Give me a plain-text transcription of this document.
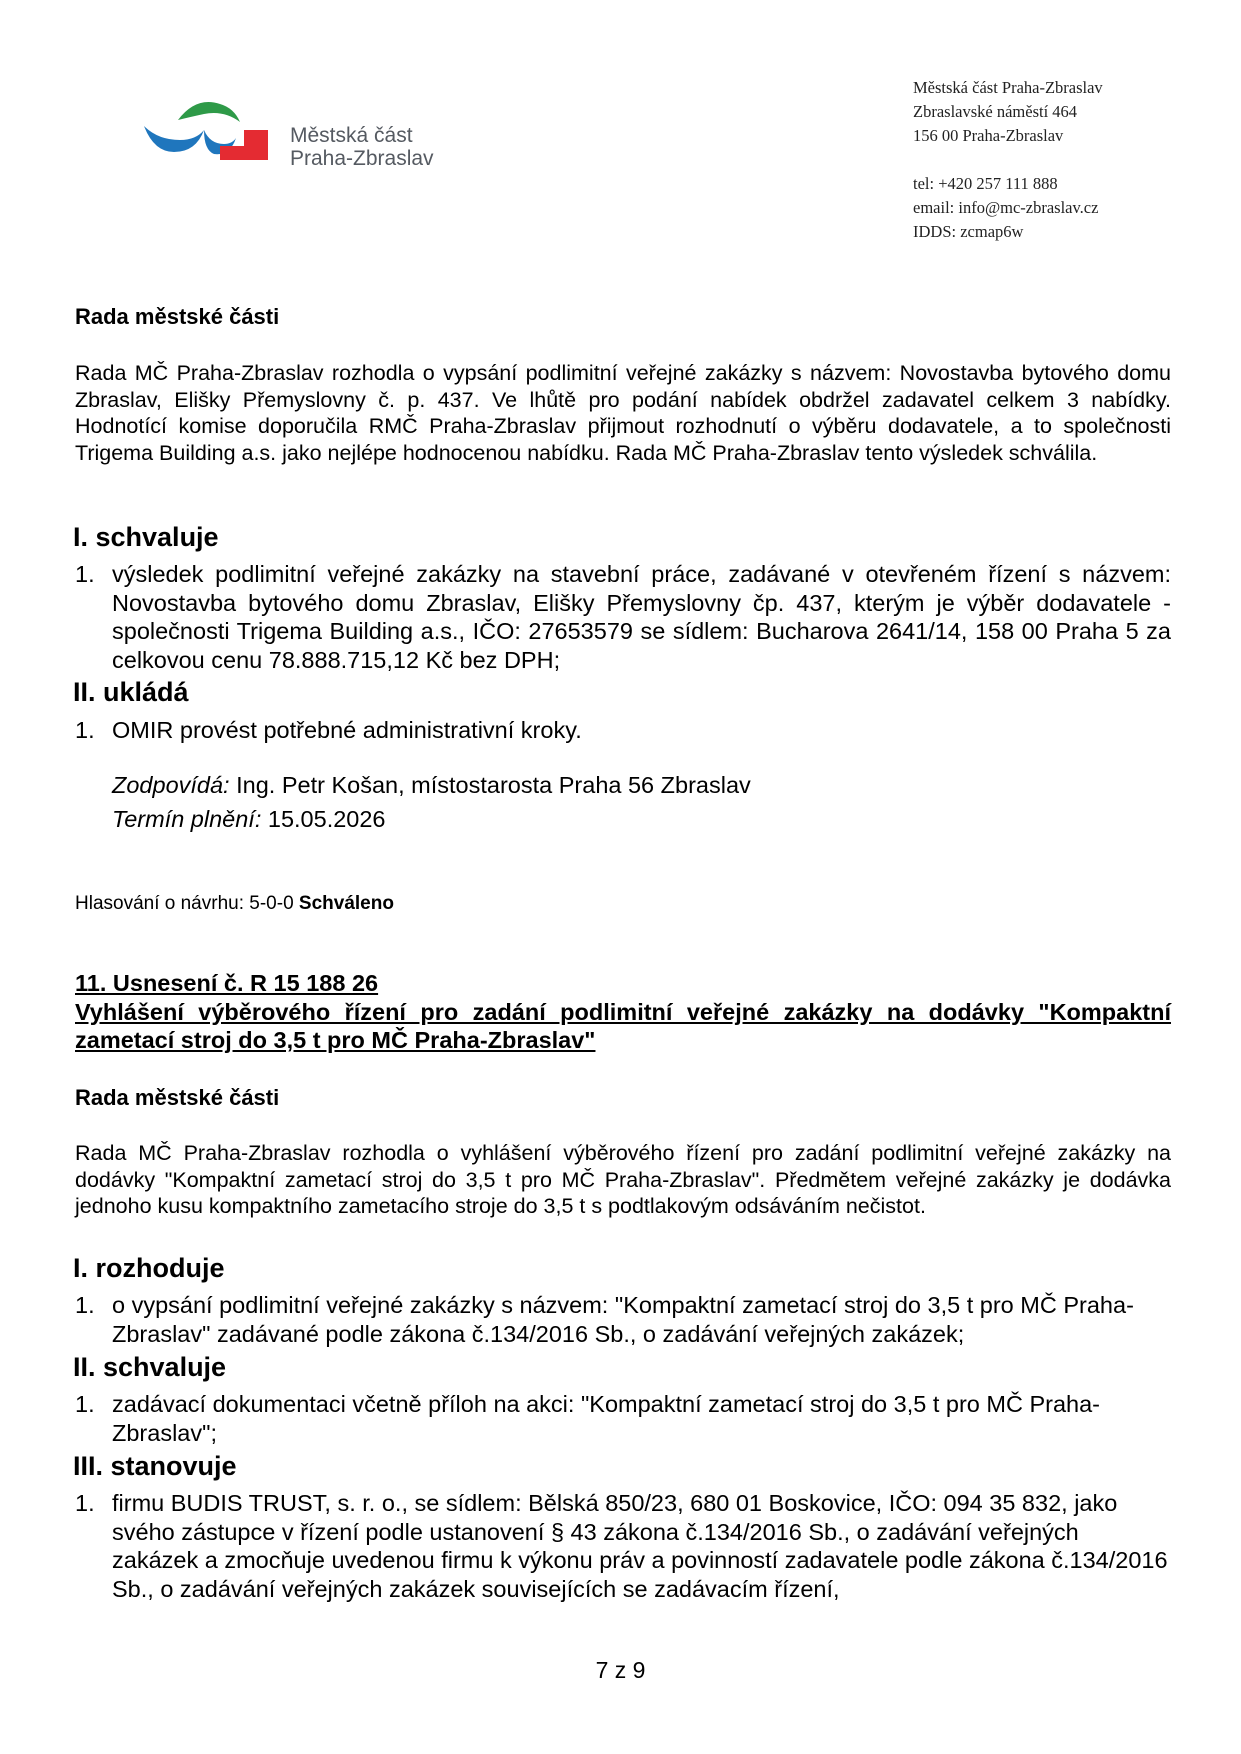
Městská část
Praha-Zbraslav
Městská část Praha-Zbraslav
Zbraslavské náměstí 464
156 00 Praha-Zbraslav
tel: +420 257 111 888
email: info@mc-zbraslav.cz
IDDS: zcmap6w
Rada městské části

Rada MČ Praha-Zbraslav rozhodla o vypsání podlimitní veřejné zakázky s názvem: Novostavba bytového domu Zbraslav, Elišky Přemyslovny č. p. 437. Ve lhůtě pro podání nabídek obdržel zadavatel celkem 3 nabídky. Hodnotící komise doporučila RMČ Praha-Zbraslav přijmout rozhodnutí o výběru dodavatele, a to společnosti Trigema Building a.s. jako nejlépe hodnocenou nabídku. Rada MČ Praha-Zbraslav tento výsledek schválila.

I. schvaluje
1. výsledek podlimitní veřejné zakázky na stavební práce, zadávané v otevřeném řízení s názvem: Novostavba bytového domu Zbraslav, Elišky Přemyslovny čp. 437, kterým je výběr dodavatele - společnosti Trigema Building a.s., IČO: 27653579 se sídlem: Bucharova 2641/14, 158 00 Praha 5 za celkovou cenu 78.888.715,12 Kč bez DPH;
II. ukládá
1. OMIR provést potřebné administrativní kroky.
Zodpovídá: Ing. Petr Košan, místostarosta Praha 56 Zbraslav
Termín plnění: 15.05.2026
Hlasování o návrhu: 5-0-0 Schváleno
11. Usnesení č. R 15 188 26
Vyhlášení výběrového řízení pro zadání podlimitní veřejné zakázky na dodávky "Kompaktní zametací stroj do 3,5 t pro MČ Praha-Zbraslav"
Rada městské části

Rada MČ Praha-Zbraslav rozhodla o vyhlášení výběrového řízení pro zadání podlimitní veřejné zakázky na dodávky "Kompaktní zametací stroj do 3,5 t pro MČ Praha-Zbraslav". Předmětem veřejné zakázky je dodávka jednoho kusu kompaktního zametacího stroje do 3,5 t s podtlakovým odsáváním nečistot.

I. rozhoduje
1. o vypsání podlimitní veřejné zakázky s názvem: "Kompaktní zametací stroj do 3,5 t pro MČ Praha-Zbraslav" zadávané podle zákona č.134/2016 Sb., o zadávání veřejných zakázek;
II. schvaluje
1. zadávací dokumentaci včetně příloh na akci: "Kompaktní zametací stroj do 3,5 t pro MČ Praha-Zbraslav";
III. stanovuje
1. firmu BUDIS TRUST, s. r. o., se sídlem: Bělská 850/23, 680 01 Boskovice, IČO: 094 35 832, jako svého zástupce v řízení podle ustanovení § 43 zákona č.134/2016 Sb., o zadávání veřejných zakázek a zmocňuje uvedenou firmu k výkonu práv a povinností zadavatele podle zákona č.134/2016 Sb., o zadávání veřejných zakázek souvisejících se zadávacím řízení,
7 z 9
